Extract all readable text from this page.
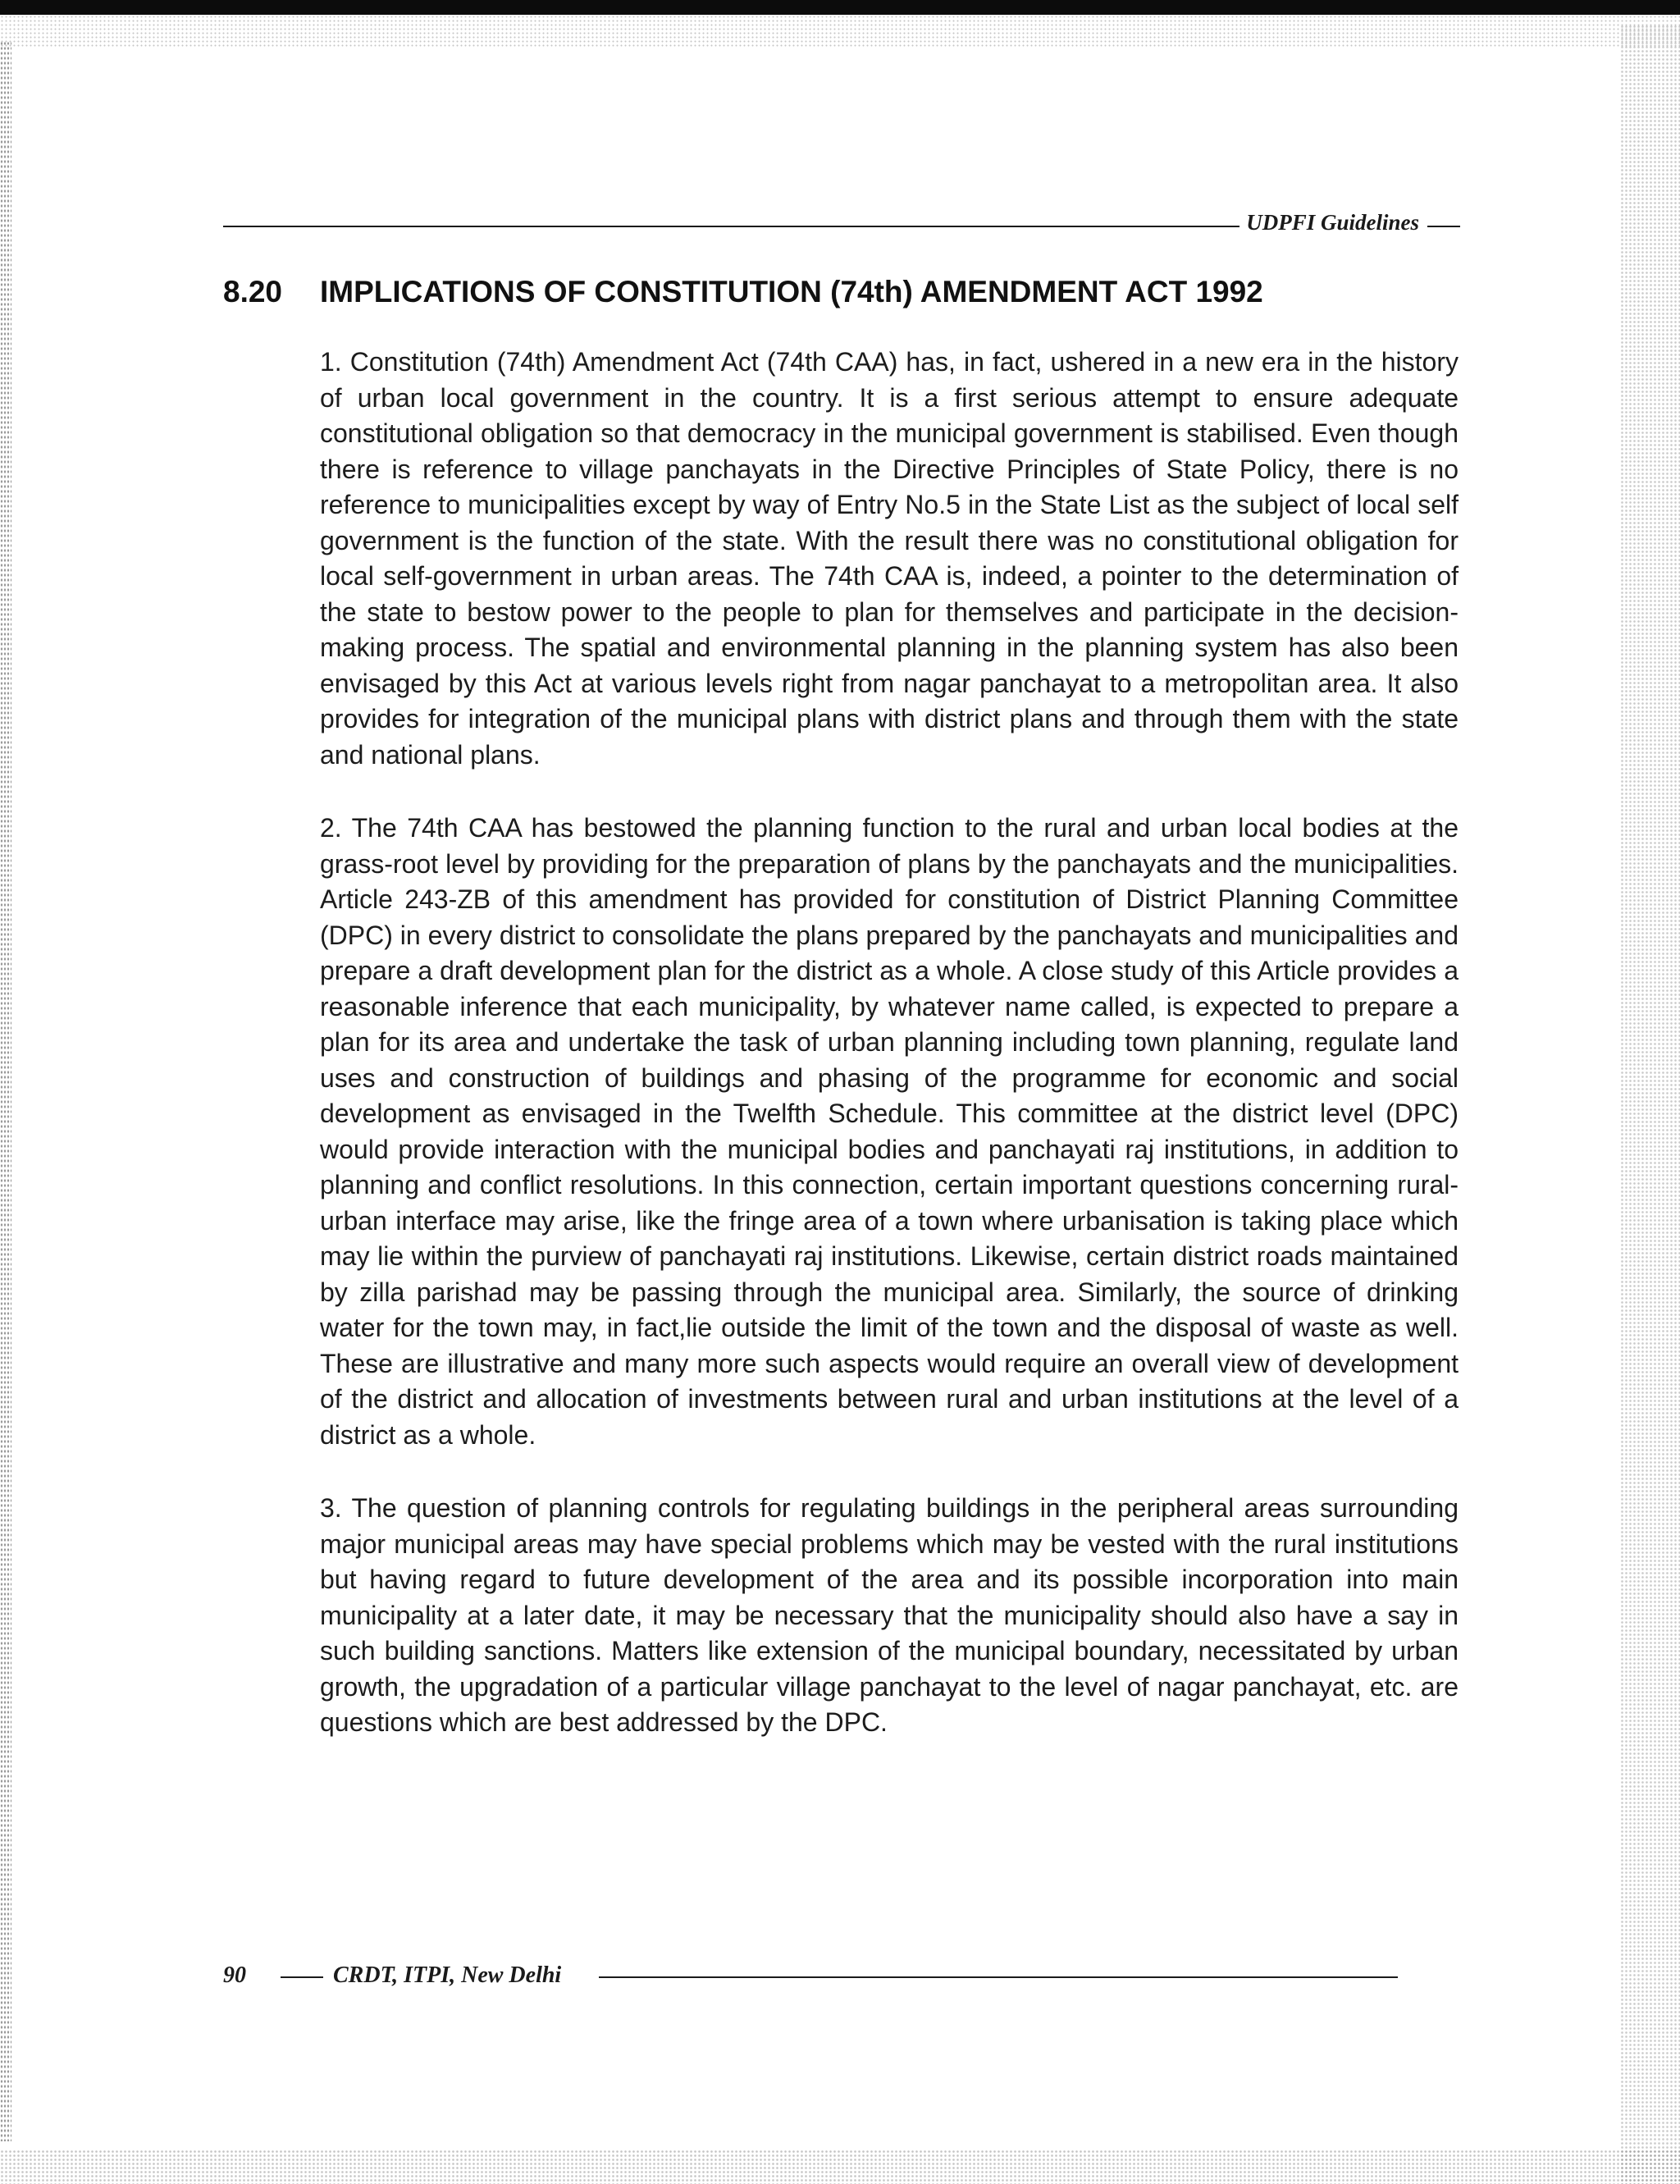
UDPFI Guidelines
8.20 IMPLICATIONS OF CONSTITUTION (74th) AMENDMENT ACT 1992

1. Constitution (74th) Amendment Act (74th CAA) has, in fact, ushered in a new era in the history of urban local government in the country. It is a first serious attempt to ensure adequate constitutional obligation so that democracy in the municipal government is stabilised. Even though there is reference to village panchayats in the Directive Principles of State Policy, there is no reference to municipalities except by way of Entry No.5 in the State List as the subject of local self government is the function of the state. With the result there was no constitutional obligation for local self-government in urban areas. The 74th CAA is, indeed, a pointer to the determination of the state to bestow power to the people to plan for themselves and participate in the decision-making process. The spatial and environmental planning in the planning system has also been envisaged by this Act at various levels right from nagar panchayat to a metropolitan area. It also provides for integration of the municipal plans with district plans and through them with the state and national plans.

2. The 74th CAA has bestowed the planning function to the rural and urban local bodies at the grass-root level by providing for the preparation of plans by the panchayats and the municipalities. Article 243-ZB of this amendment has provided for constitution of District Planning Committee (DPC) in every district to consolidate the plans prepared by the panchayats and municipalities and prepare a draft development plan for the district as a whole. A close study of this Article provides a reasonable inference that each municipality, by whatever name called, is expected to prepare a plan for its area and undertake the task of urban planning including town planning, regulate land uses and construction of buildings and phasing of the programme for economic and social development as envisaged in the Twelfth Schedule. This committee at the district level (DPC) would provide interaction with the municipal bodies and panchayati raj institutions, in addition to planning and conflict resolutions. In this connection, certain important questions concerning rural-urban interface may arise, like the fringe area of a town where urbanisation is taking place which may lie within the purview of panchayati raj institutions. Likewise, certain district roads maintained by zilla parishad may be passing through the municipal area. Similarly, the source of drinking water for the town may, in fact,lie outside the limit of the town and the disposal of waste as well. These are illustrative and many more such aspects would require an overall view of development of the district and allocation of investments between rural and urban institutions at the level of a district as a whole.

3. The question of planning controls for regulating buildings in the peripheral areas surrounding major municipal areas may have special problems which may be vested with the rural institutions but having regard to future development of the area and its possible incorporation into main municipality at a later date, it may be necessary that the municipality should also have a say in such building sanctions. Matters like extension of the municipal boundary, necessitated by urban growth, the upgradation of a particular village panchayat to the level of nagar panchayat, etc. are questions which are best addressed by the DPC.

90	CRDT, ITPI, New Delhi
